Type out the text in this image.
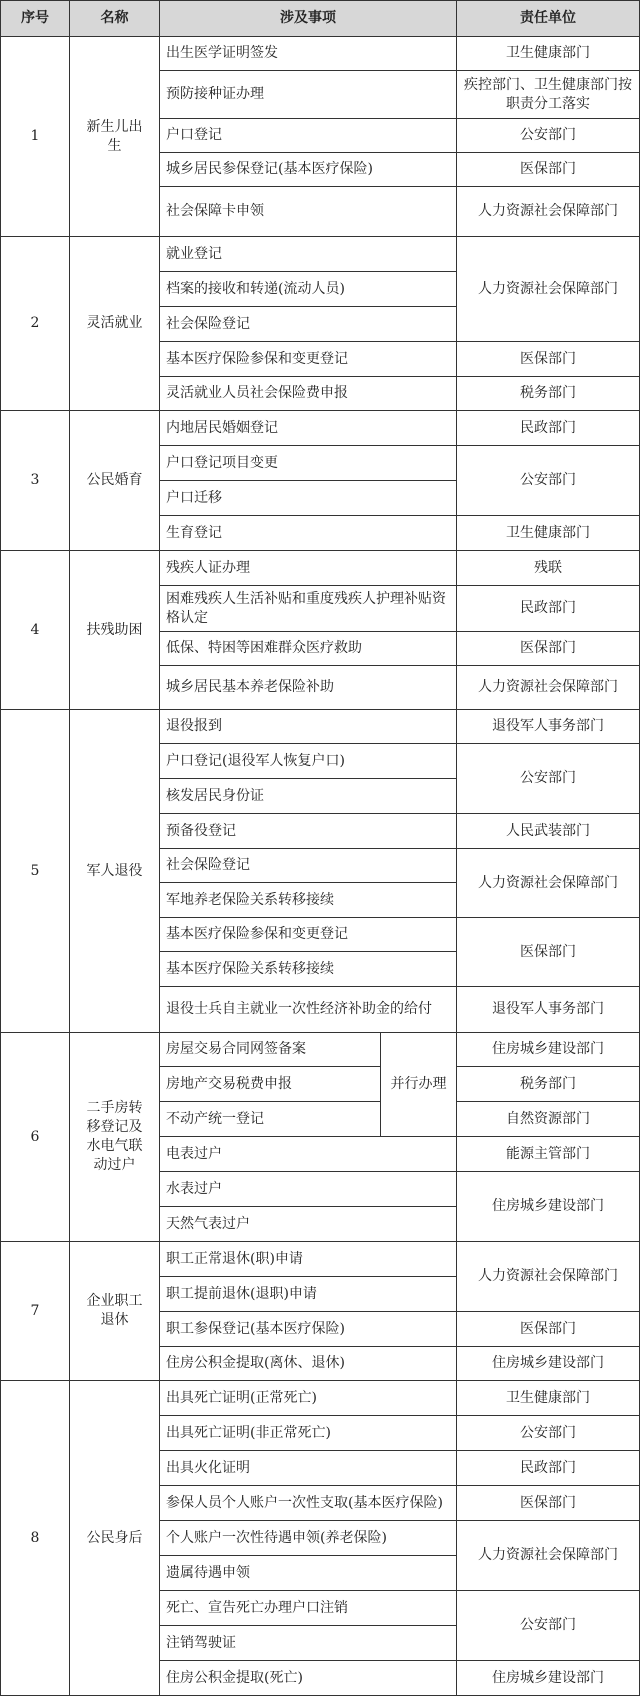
序号	名称	涉及事项		责任单位
1	新生儿出生	出生医学证明签发		卫生健康部门
		预防接种证办理		疾控部门、卫生健康部门按职责分工落实
		户口登记		公安部门
		城乡居民参保登记(基本医疗保险)		医保部门
		社会保障卡申领		人力资源社会保障部门
2	灵活就业	就业登记		人力资源社会保障部门
		档案的接收和转递(流动人员)		
		社会保险登记		
		基本医疗保险参保和变更登记		医保部门
		灵活就业人员社会保险费申报		税务部门
3	公民婚育	内地居民婚姻登记		民政部门
		户口登记项目变更		公安部门
		户口迁移		
		生育登记		卫生健康部门
4	扶残助困	残疾人证办理		残联
		困难残疾人生活补贴和重度残疾人护理补贴资格认定		民政部门
		低保、特困等困难群众医疗救助		医保部门
		城乡居民基本养老保险补助		人力资源社会保障部门
5	军人退役	退役报到		退役军人事务部门
		户口登记(退役军人恢复户口)		公安部门
		核发居民身份证		
		预备役登记		人民武装部门
		社会保险登记		人力资源社会保障部门
		军地养老保险关系转移接续		
		基本医疗保险参保和变更登记		医保部门
		基本医疗保险关系转移接续		
		退役士兵自主就业一次性经济补助金的给付		退役军人事务部门
6	二手房转移登记及水电气联动过户	房屋交易合同网签备案	并行办理	住房城乡建设部门
		房地产交易税费申报		税务部门
		不动产统一登记		自然资源部门
		电表过户		能源主管部门
		水表过户		住房城乡建设部门
		天然气表过户		
7	企业职工退休	职工正常退休(职)申请		人力资源社会保障部门
		职工提前退休(退职)申请		
		职工参保登记(基本医疗保险)		医保部门
		住房公积金提取(离休、退休)		住房城乡建设部门
8	公民身后	出具死亡证明(正常死亡)		卫生健康部门
		出具死亡证明(非正常死亡)		公安部门
		出具火化证明		民政部门
		参保人员个人账户一次性支取(基本医疗保险)		医保部门
		个人账户一次性待遇申领(养老保险)		人力资源社会保障部门
		遗属待遇申领		
		死亡、宣告死亡办理户口注销		公安部门
		注销驾驶证		
		住房公积金提取(死亡)		住房城乡建设部门
